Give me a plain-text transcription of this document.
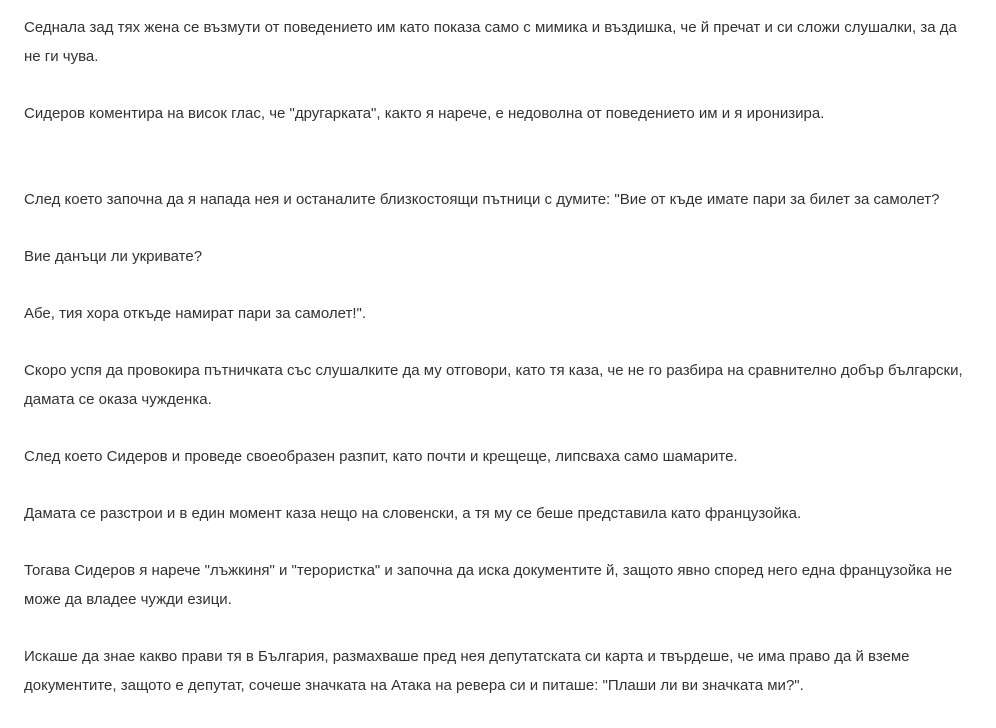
Седнала зад тях жена се възмути от поведението им като показа само с мимика и въздишка, че й пречат и си сложи слушалки, за да не ги чува.

Сидеров коментира на висок глас, че "другарката", както я нарече, е недоволна от поведението им и я иронизира.

След което започна да я напада нея и останалите близкостоящи пътници с думите: "Вие от къде имате пари за билет за самолет?

Вие данъци ли укривате?

Абе, тия хора откъде намират пари за самолет!".

Скоро успя да провокира пътничката със слушалките да му отговори, като тя каза, че не го разбира на сравнително добър български, дамата се оказа чужденка.

След което Сидеров и проведе своеобразен разпит, като почти и крещеще, липсваха само шамарите.

Дамата се разстрои и в един момент каза нещо на словенски, а тя му се беше представила като французойка.

Тогава Сидеров я нарече "лъжкиня" и "терористка" и започна да иска документите й, защото явно според него една французойка не може да владее чужди езици.

Искаше да знае какво прави тя в България, размахваше пред нея депутатската си карта и твърдеше, че има право да й вземе документите, защото е депутат, сочеше значката на Атака на ревера си и питаше: "Плаши ли ви значката ми?".
